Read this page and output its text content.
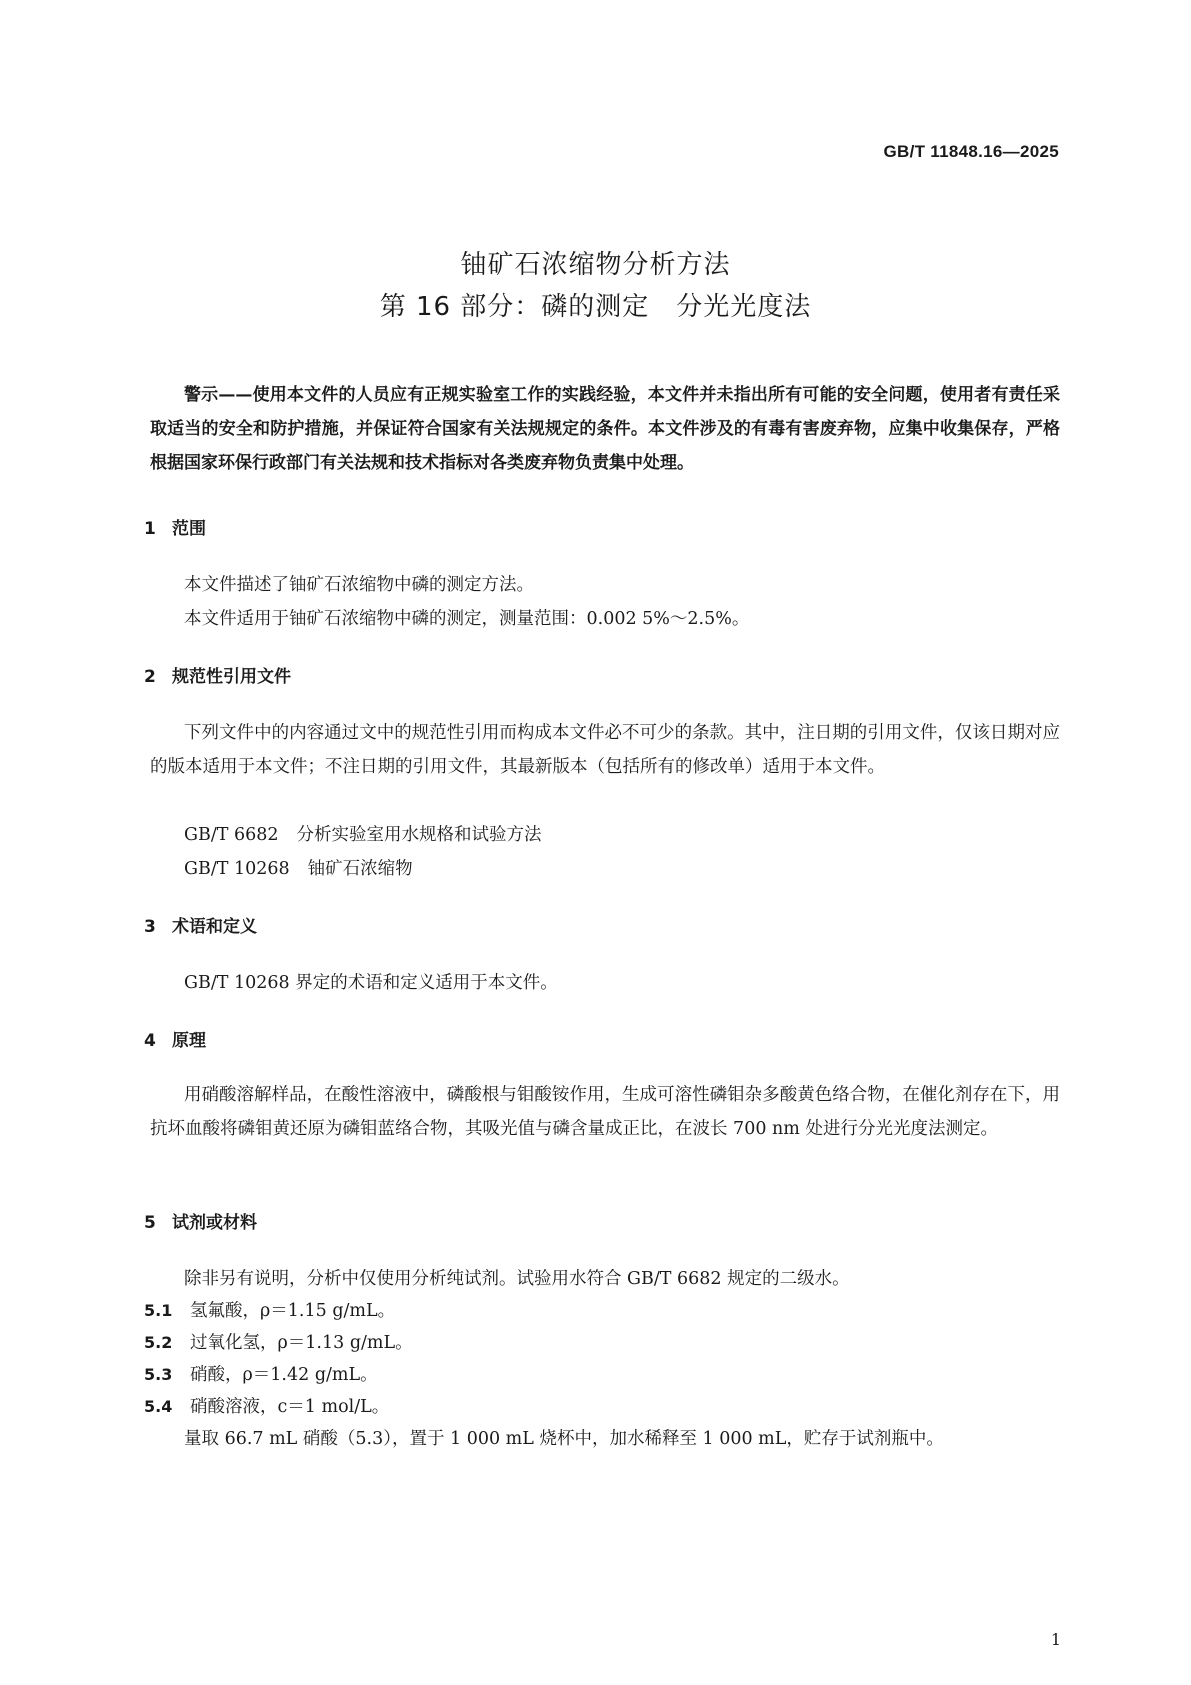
GB/T 11848.16—2025
铀矿石浓缩物分析方法
第 16 部分：磷的测定　分光光度法
警示——使用本文件的人员应有正规实验室工作的实践经验，本文件并未指出所有可能的安全问题，使用者有责任采取适当的安全和防护措施，并保证符合国家有关法规规定的条件。本文件涉及的有毒有害废弃物，应集中收集保存，严格根据国家环保行政部门有关法规和技术指标对各类废弃物负责集中处理。
1 范围
本文件描述了铀矿石浓缩物中磷的测定方法。
本文件适用于铀矿石浓缩物中磷的测定，测量范围：0.002 5%～2.5%。
2 规范性引用文件
下列文件中的内容通过文中的规范性引用而构成本文件必不可少的条款。其中，注日期的引用文件，仅该日期对应的版本适用于本文件；不注日期的引用文件，其最新版本（包括所有的修改单）适用于本文件。
GB/T 6682 分析实验室用水规格和试验方法
GB/T 10268 铀矿石浓缩物
3 术语和定义
GB/T 10268 界定的术语和定义适用于本文件。
4 原理
用硝酸溶解样品，在酸性溶液中，磷酸根与钼酸铵作用，生成可溶性磷钼杂多酸黄色络合物，在催化剂存在下，用抗坏血酸将磷钼黄还原为磷钼蓝络合物，其吸光值与磷含量成正比，在波长 700 nm 处进行分光光度法测定。
5 试剂或材料
除非另有说明，分析中仅使用分析纯试剂。试验用水符合 GB/T 6682 规定的二级水。
5.1 氢氟酸，ρ＝1.15 g/mL。
5.2 过氧化氢，ρ＝1.13 g/mL。
5.3 硝酸，ρ＝1.42 g/mL。
5.4 硝酸溶液，c＝1 mol/L。
量取 66.7 mL 硝酸（5.3），置于 1 000 mL 烧杯中，加水稀释至 1 000 mL，贮存于试剂瓶中。
1
